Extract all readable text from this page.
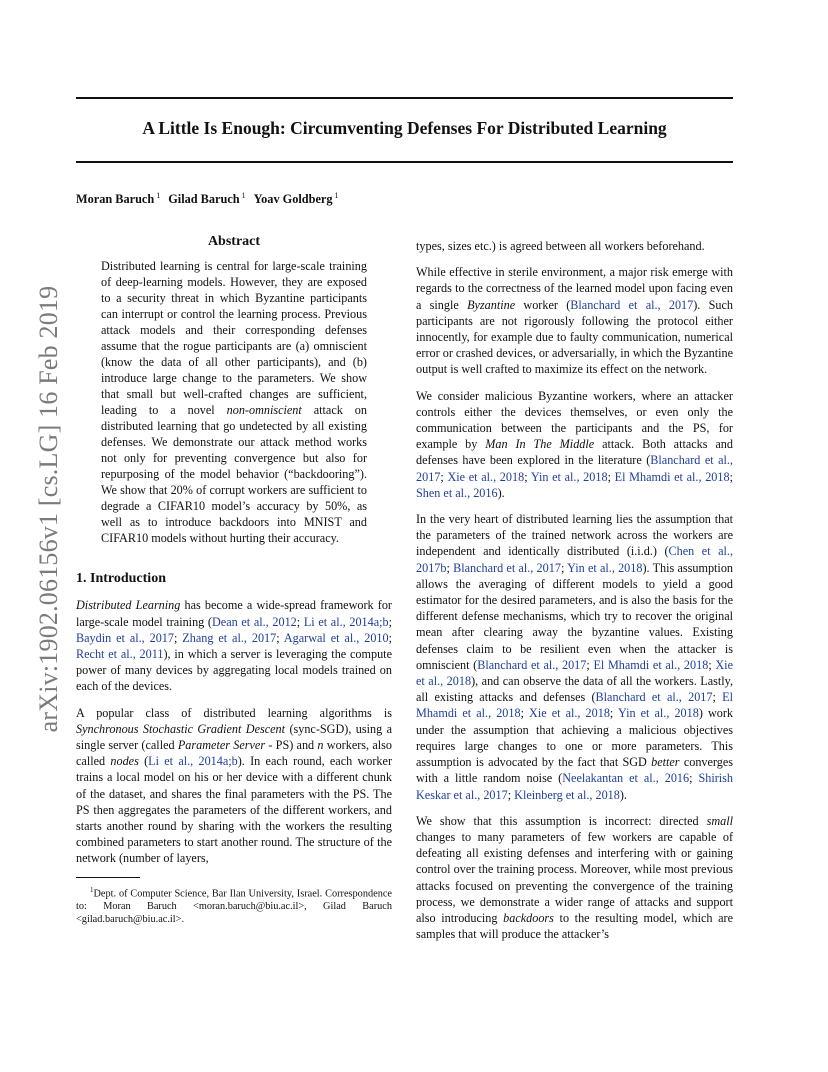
A Little Is Enough: Circumventing Defenses For Distributed Learning
Moran Baruch $^1$ Gilad Baruch $^1$ Yoav Goldberg $^1$
arXiv:1902.06156v1 [cs.LG] 16 Feb 2019
Abstract

Distributed learning is central for large-scale training of deep-learning models. However, they are exposed to a security threat in which Byzantine participants can interrupt or control the learning process. Previous attack models and their corresponding defenses assume that the rogue participants are (a) omniscient (know the data of all other participants), and (b) introduce large change to the parameters. We show that small but well-crafted changes are sufficient, leading to a novel non-omniscient attack on distributed learning that go undetected by all existing defenses. We demonstrate our attack method works not only for preventing convergence but also for repurposing of the model behavior (“backdooring”). We show that 20% of corrupt workers are sufficient to degrade a CIFAR10 model’s accuracy by 50%, as well as to introduce backdoors into MNIST and CIFAR10 models without hurting their accuracy.

1. Introduction

Distributed Learning has become a wide-spread framework for large-scale model training (Dean et al., 2012; Li et al., 2014a;b; Baydin et al., 2017; Zhang et al., 2017; Agarwal et al., 2010; Recht et al., 2011), in which a server is leveraging the compute power of many devices by aggregating local models trained on each of the devices.

A popular class of distributed learning algorithms is Synchronous Stochastic Gradient Descent (sync-SGD), using a single server (called Parameter Server - PS) and n workers, also called nodes (Li et al., 2014a;b). In each round, each worker trains a local model on his or her device with a different chunk of the dataset, and shares the final parameters with the PS. The PS then aggregates the parameters of the different workers, and starts another round by sharing with the workers the resulting combined parameters to start another round. The structure of the network (number of layers,

$^1$Dept. of Computer Science, Bar Ilan University, Israel. Correspondence to: Moran Baruch <moran.baruch@biu.ac.il>, Gilad Baruch <gilad.baruch@biu.ac.il>.

types, sizes etc.) is agreed between all workers beforehand.

While effective in sterile environment, a major risk emerge with regards to the correctness of the learned model upon facing even a single Byzantine worker (Blanchard et al., 2017). Such participants are not rigorously following the protocol either innocently, for example due to faulty communication, numerical error or crashed devices, or adversarially, in which the Byzantine output is well crafted to maximize its effect on the network.

We consider malicious Byzantine workers, where an attacker controls either the devices themselves, or even only the communication between the participants and the PS, for example by Man In The Middle attack. Both attacks and defenses have been explored in the literature (Blanchard et al., 2017; Xie et al., 2018; Yin et al., 2018; El Mhamdi et al., 2018; Shen et al., 2016).

In the very heart of distributed learning lies the assumption that the parameters of the trained network across the workers are independent and identically distributed (i.i.d.) (Chen et al., 2017b; Blanchard et al., 2017; Yin et al., 2018). This assumption allows the averaging of different models to yield a good estimator for the desired parameters, and is also the basis for the different defense mechanisms, which try to recover the original mean after clearing away the byzantine values. Existing defenses claim to be resilient even when the attacker is omniscient (Blanchard et al., 2017; El Mhamdi et al., 2018; Xie et al., 2018), and can observe the data of all the workers. Lastly, all existing attacks and defenses (Blanchard et al., 2017; El Mhamdi et al., 2018; Xie et al., 2018; Yin et al., 2018) work under the assumption that achieving a malicious objectives requires large changes to one or more parameters. This assumption is advocated by the fact that SGD better converges with a little random noise (Neelakantan et al., 2016; Shirish Keskar et al., 2017; Kleinberg et al., 2018).

We show that this assumption is incorrect: directed small changes to many parameters of few workers are capable of defeating all existing defenses and interfering with or gaining control over the training process. Moreover, while most previous attacks focused on preventing the convergence of the training process, we demonstrate a wider range of attacks and support also introducing backdoors to the resulting model, which are samples that will produce the attacker’s
